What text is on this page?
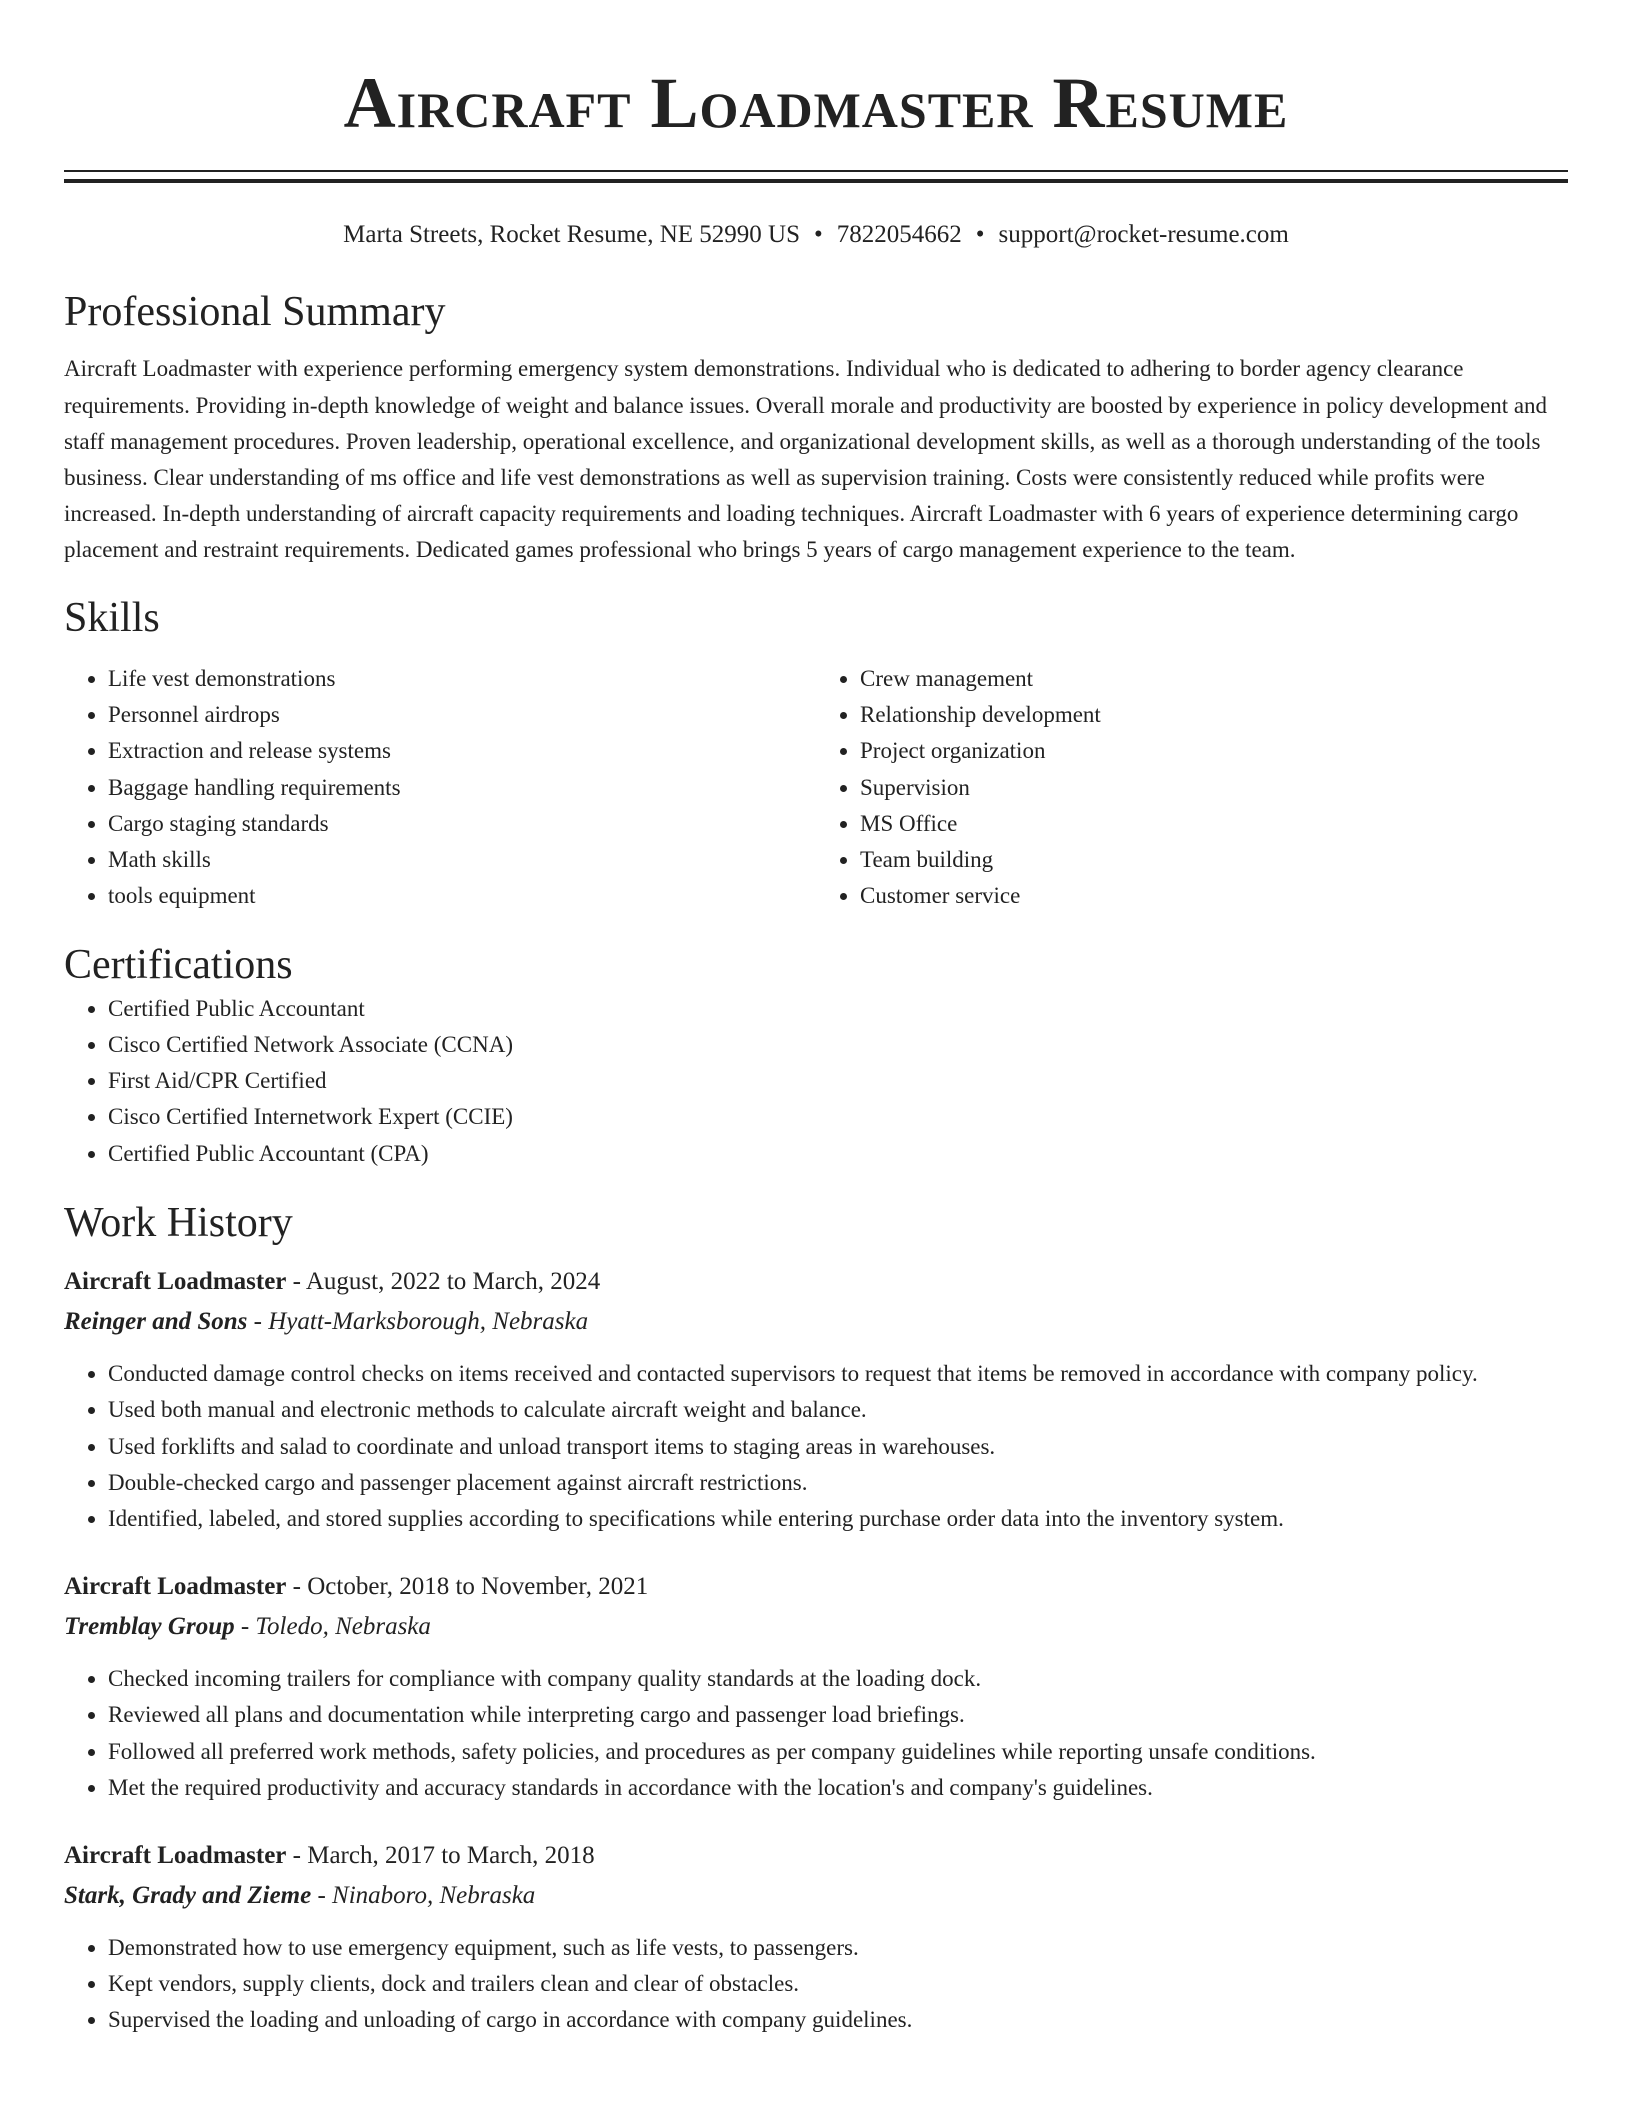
Aircraft Loadmaster Resume
Marta Streets, Rocket Resume, NE 52990 US • 7822054662 • support@rocket-resume.com
Professional Summary

Aircraft Loadmaster with experience performing emergency system demonstrations. Individual who is dedicated to adhering to border agency clearance requirements. Providing in-depth knowledge of weight and balance issues. Overall morale and productivity are boosted by experience in policy development and staff management procedures. Proven leadership, operational excellence, and organizational development skills, as well as a thorough understanding of the tools business. Clear understanding of ms office and life vest demonstrations as well as supervision training. Costs were consistently reduced while profits were increased. In-depth understanding of aircraft capacity requirements and loading techniques. Aircraft Loadmaster with 6 years of experience determining cargo placement and restraint requirements. Dedicated games professional who brings 5 years of cargo management experience to the team.

Skills
• Life vest demonstrations
• Personnel airdrops
• Extraction and release systems
• Baggage handling requirements
• Cargo staging standards
• Math skills
• tools equipment
• Crew management
• Relationship development
• Project organization
• Supervision
• MS Office
• Team building
• Customer service
Certifications
• Certified Public Accountant
• Cisco Certified Network Associate (CCNA)
• First Aid/CPR Certified
• Cisco Certified Internetwork Expert (CCIE)
• Certified Public Accountant (CPA)
Work History
Aircraft Loadmaster - August, 2022 to March, 2024
Reinger and Sons - Hyatt-Marksborough, Nebraska
• Conducted damage control checks on items received and contacted supervisors to request that items be removed in accordance with company policy.
• Used both manual and electronic methods to calculate aircraft weight and balance.
• Used forklifts and salad to coordinate and unload transport items to staging areas in warehouses.
• Double-checked cargo and passenger placement against aircraft restrictions.
• Identified, labeled, and stored supplies according to specifications while entering purchase order data into the inventory system.
Aircraft Loadmaster - October, 2018 to November, 2021
Tremblay Group - Toledo, Nebraska
• Checked incoming trailers for compliance with company quality standards at the loading dock.
• Reviewed all plans and documentation while interpreting cargo and passenger load briefings.
• Followed all preferred work methods, safety policies, and procedures as per company guidelines while reporting unsafe conditions.
• Met the required productivity and accuracy standards in accordance with the location's and company's guidelines.
Aircraft Loadmaster - March, 2017 to March, 2018
Stark, Grady and Zieme - Ninaboro, Nebraska
• Demonstrated how to use emergency equipment, such as life vests, to passengers.
• Kept vendors, supply clients, dock and trailers clean and clear of obstacles.
• Supervised the loading and unloading of cargo in accordance with company guidelines.
